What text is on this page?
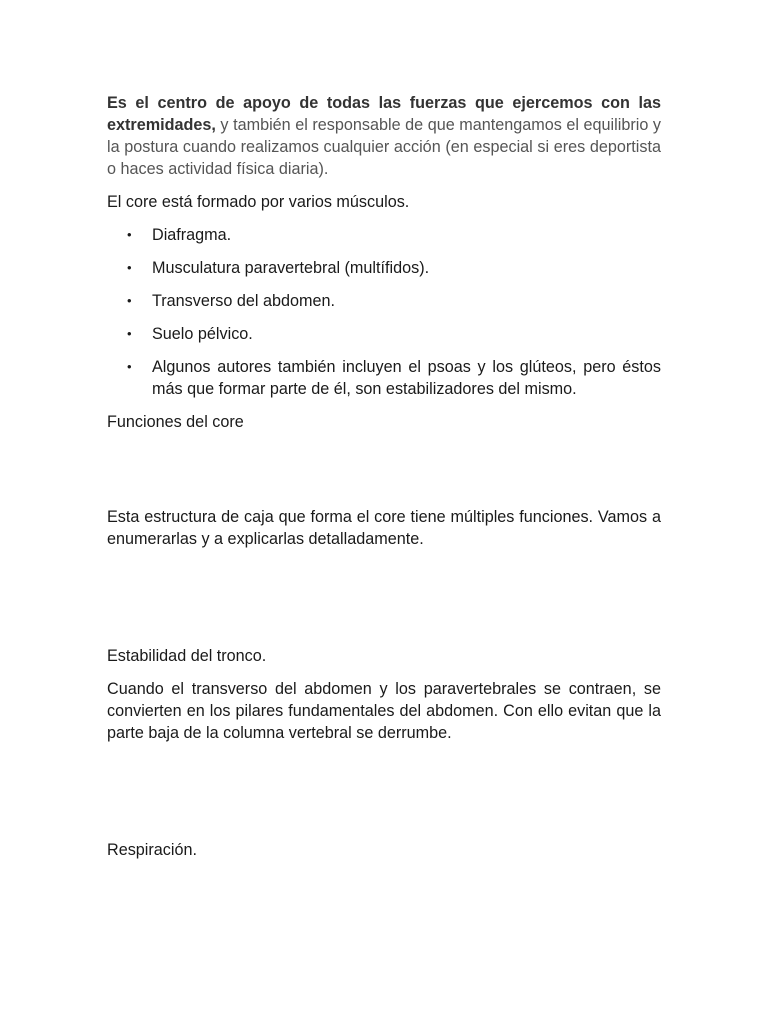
Es el centro de apoyo de todas las fuerzas que ejercemos con las extremidades, y también el responsable de que mantengamos el equilibrio y la postura cuando realizamos cualquier acción (en especial si eres deportista o haces actividad física diaria).

El core está formado por varios músculos.

• Diafragma.
• Musculatura paravertebral (multífidos).
• Transverso del abdomen.
• Suelo pélvico.
• Algunos autores también incluyen el psoas y los glúteos, pero éstos más que formar parte de él, son estabilizadores del mismo.

Funciones del core

Esta estructura de caja que forma el core tiene múltiples funciones. Vamos a enumerarlas y a explicarlas detalladamente.

Estabilidad del tronco.

Cuando el transverso del abdomen y los paravertebrales se contraen, se convierten en los pilares fundamentales del abdomen. Con ello evitan que la parte baja de la columna vertebral se derrumbe.

Respiración.
